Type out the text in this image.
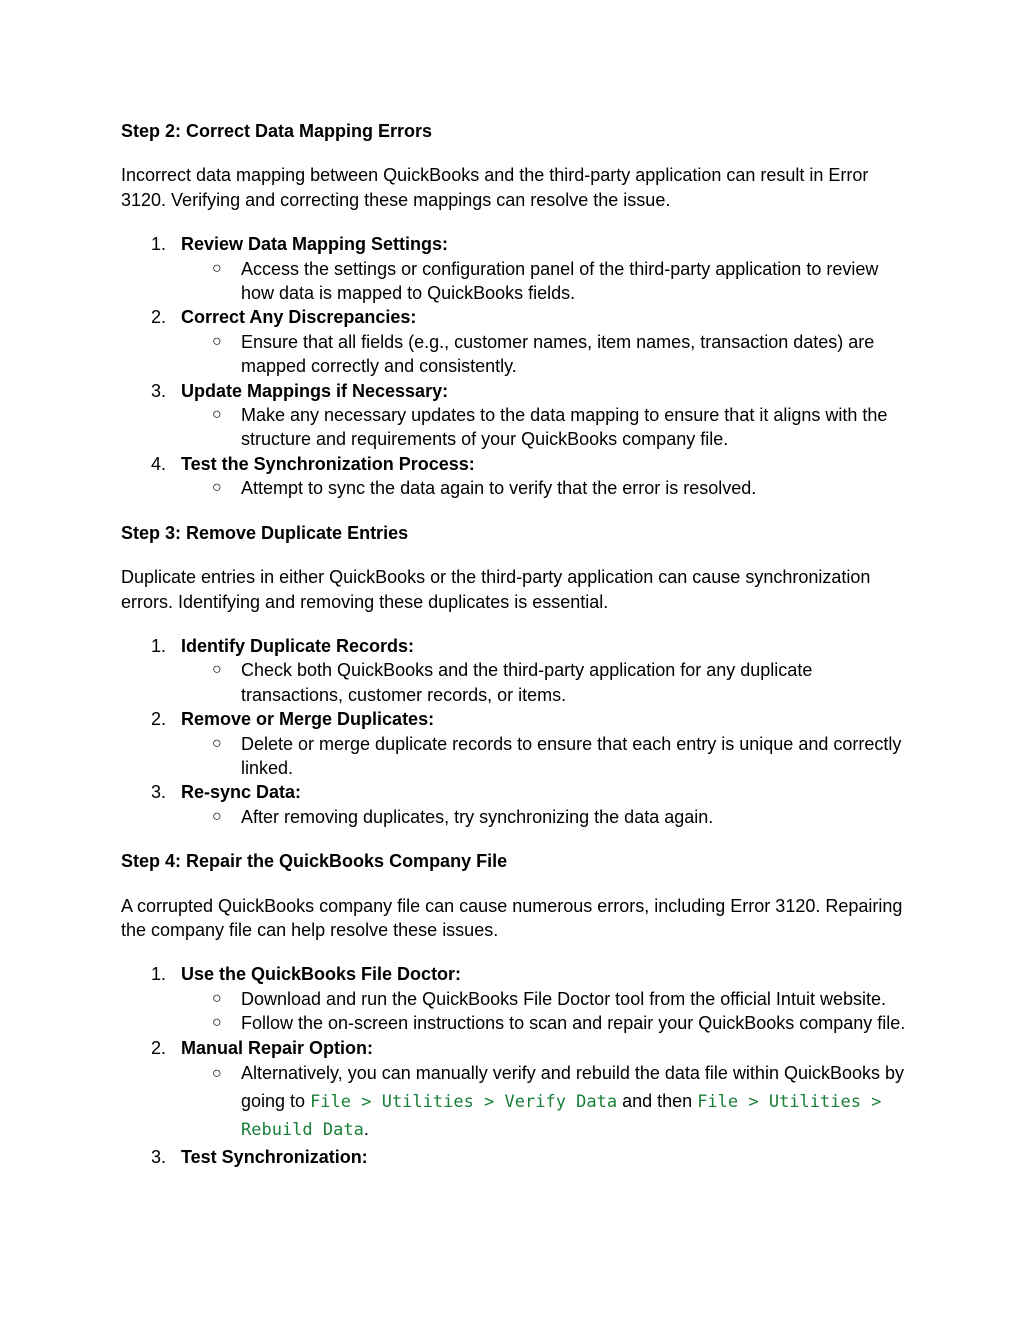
Step 2: Correct Data Mapping Errors

Incorrect data mapping between QuickBooks and the third-party application can result in Error 3120. Verifying and correcting these mappings can resolve the issue.

1. Review Data Mapping Settings:
○ Access the settings or configuration panel of the third-party application to review how data is mapped to QuickBooks fields.
2. Correct Any Discrepancies:
○ Ensure that all fields (e.g., customer names, item names, transaction dates) are mapped correctly and consistently.
3. Update Mappings if Necessary:
○ Make any necessary updates to the data mapping to ensure that it aligns with the structure and requirements of your QuickBooks company file.
4. Test the Synchronization Process:
○ Attempt to sync the data again to verify that the error is resolved.
Step 3: Remove Duplicate Entries

Duplicate entries in either QuickBooks or the third-party application can cause synchronization errors. Identifying and removing these duplicates is essential.

1. Identify Duplicate Records:
○ Check both QuickBooks and the third-party application for any duplicate transactions, customer records, or items.
2. Remove or Merge Duplicates:
○ Delete or merge duplicate records to ensure that each entry is unique and correctly linked.
3. Re-sync Data:
○ After removing duplicates, try synchronizing the data again.
Step 4: Repair the QuickBooks Company File

A corrupted QuickBooks company file can cause numerous errors, including Error 3120. Repairing the company file can help resolve these issues.

1. Use the QuickBooks File Doctor:
○ Download and run the QuickBooks File Doctor tool from the official Intuit website.
○ Follow the on-screen instructions to scan and repair your QuickBooks company file.
2. Manual Repair Option:
○ Alternatively, you can manually verify and rebuild the data file within QuickBooks by going to File > Utilities > Verify Data and then File > Utilities > Rebuild Data.
3. Test Synchronization:
